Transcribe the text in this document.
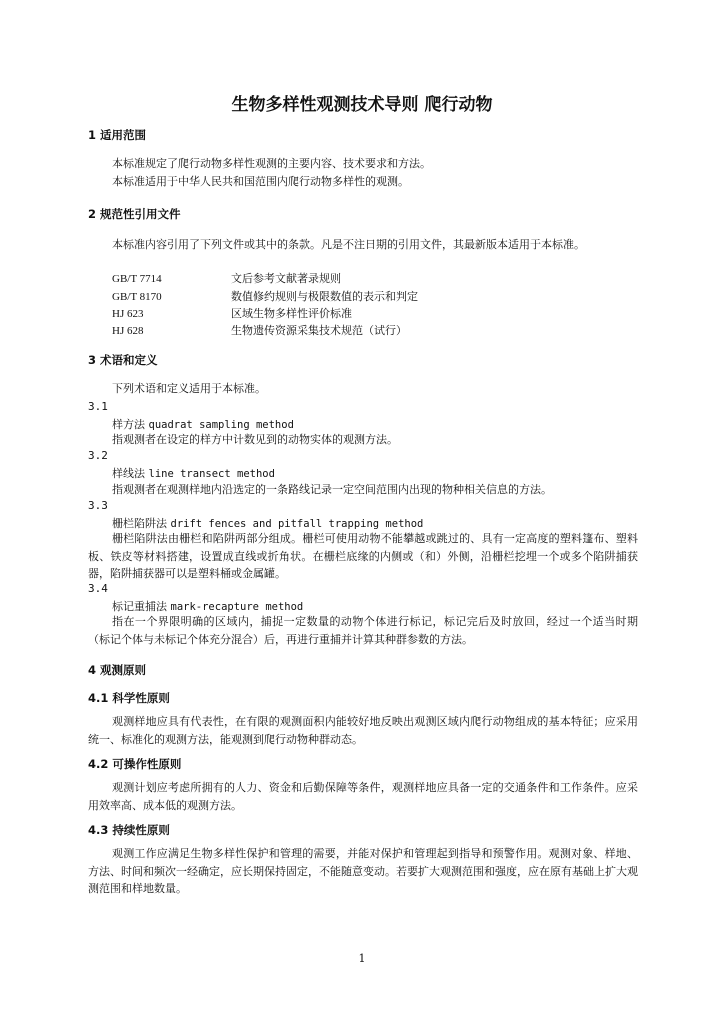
生物多样性观测技术导则 爬行动物

1 适用范围

本标准规定了爬行动物多样性观测的主要内容、技术要求和方法。

本标准适用于中华人民共和国范围内爬行动物多样性的观测。

2 规范性引用文件

本标准内容引用了下列文件或其中的条款。凡是不注日期的引用文件，其最新版本适用于本标准。

GB/T 7714	文后参考文献著录规则

GB/T 8170	数值修约规则与极限数值的表示和判定

HJ 623	区域生物多样性评价标准

HJ 628	生物遗传资源采集技术规范（试行）

3 术语和定义

下列术语和定义适用于本标准。

3.1

样方法 quadrat sampling method

指观测者在设定的样方中计数见到的动物实体的观测方法。

3.2

样线法 line transect method

指观测者在观测样地内沿选定的一条路线记录一定空间范围内出现的物种相关信息的方法。

3.3

栅栏陷阱法 drift fences and pitfall trapping method

栅栏陷阱法由栅栏和陷阱两部分组成。栅栏可使用动物不能攀越或跳过的、具有一定高度的塑料篷布、塑料板、铁皮等材料搭建，设置成直线或折角状。在栅栏底缘的内侧或（和）外侧，沿栅栏挖埋一个或多个陷阱捕获器，陷阱捕获器可以是塑料桶或金属罐。

3.4

标记重捕法 mark-recapture method

指在一个界限明确的区域内，捕捉一定数量的动物个体进行标记，标记完后及时放回，经过一个适当时期（标记个体与未标记个体充分混合）后，再进行重捕并计算其种群参数的方法。

4 观测原则

4.1 科学性原则

观测样地应具有代表性，在有限的观测面积内能较好地反映出观测区域内爬行动物组成的基本特征；应采用统一、标准化的观测方法，能观测到爬行动物种群动态。

4.2 可操作性原则

观测计划应考虑所拥有的人力、资金和后勤保障等条件，观测样地应具备一定的交通条件和工作条件。应采用效率高、成本低的观测方法。

4.3 持续性原则

观测工作应满足生物多样性保护和管理的需要，并能对保护和管理起到指导和预警作用。观测对象、样地、方法、时间和频次一经确定，应长期保持固定，不能随意变动。若要扩大观测范围和强度，应在原有基础上扩大观测范围和样地数量。

1
